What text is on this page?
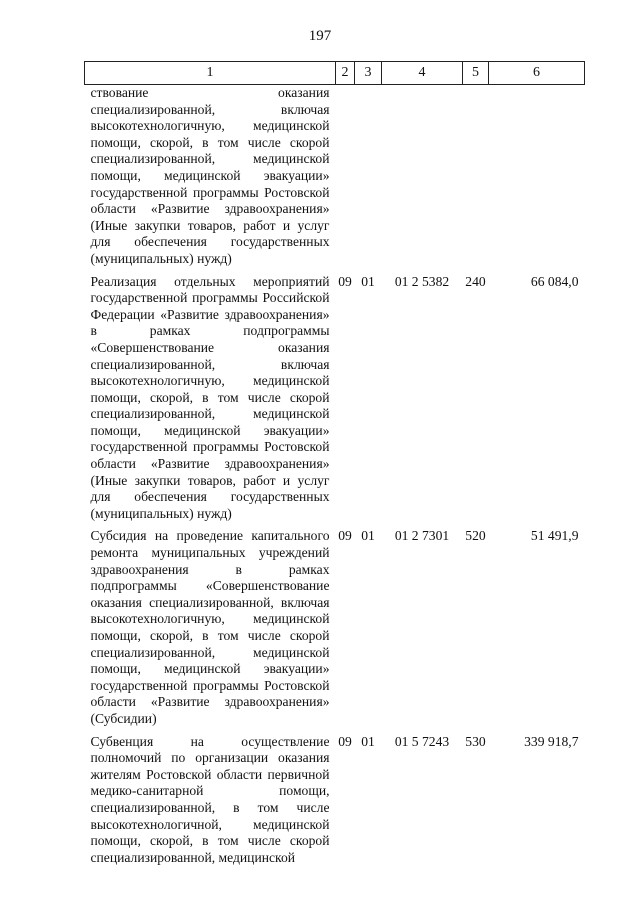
197
1	2	3	4	5	6
ствование оказания специализированной, включая высокотехнологичную, медицинской помощи, скорой, в том числе скорой специализированной, медицинской помощи, медицинской эвакуации» государственной программы Ростовской области «Развитие здравоохранения» (Иные закупки товаров, работ и услуг для обеспечения государственных (муниципальных) нужд)					
Реализация отдельных мероприятий государственной программы Российской Федерации «Развитие здравоохранения» в рамках подпрограммы «Совершенствование оказания специализированной, включая высокотехнологичную, медицинской помощи, скорой, в том числе скорой специализированной, медицинской помощи, медицинской эвакуации» государственной программы Ростовской области «Развитие здравоохранения» (Иные закупки товаров, работ и услуг для обеспечения государственных (муниципальных) нужд)	09	01	01 2 5382	240	66 084,0
Субсидия на проведение капитального ремонта муниципальных учреждений здравоохранения в рамках подпрограммы «Совершенствование оказания специализированной, включая высокотехнологичную, медицинской помощи, скорой, в том числе скорой специализированной, медицинской помощи, медицинской эвакуации» государственной программы Ростовской области «Развитие здравоохранения» (Субсидии)	09	01	01 2 7301	520	51 491,9
Субвенция на осуществление полномочий по организации оказания жителям Ростовской области первичной медико-санитарной помощи, специализированной, в том числе высокотехнологичной, медицинской помощи, скорой, в том числе скорой специализированной, медицинской	09	01	01 5 7243	530	339 918,7
